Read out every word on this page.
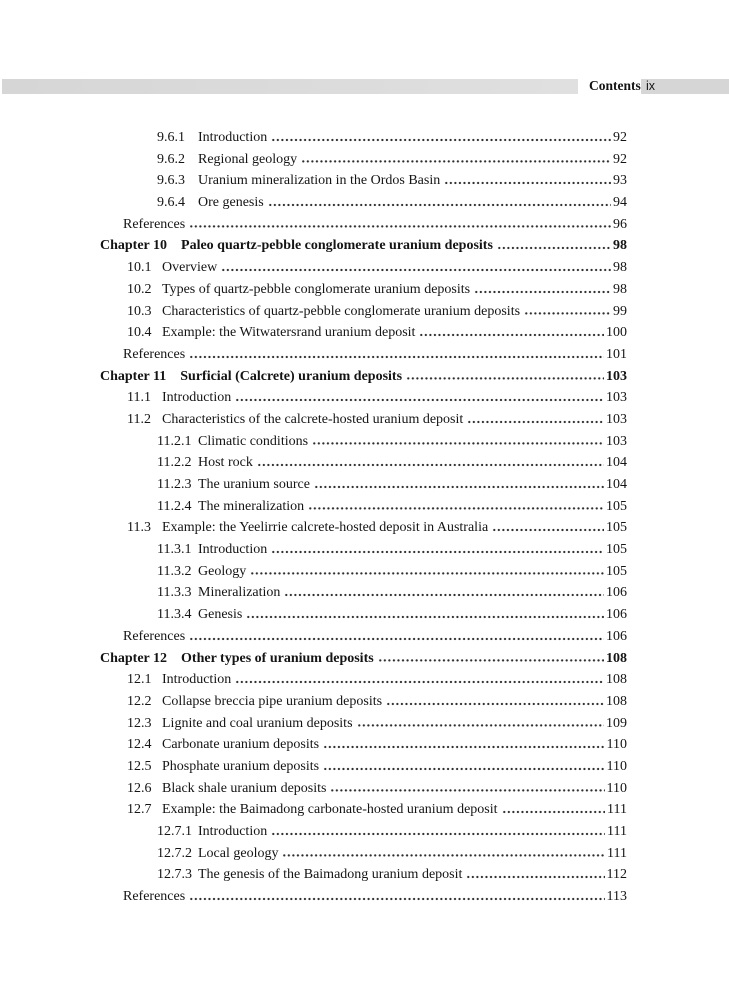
Contents ix
9.6.1 Introduction	92
9.6.2 Regional geology	92
9.6.3 Uranium mineralization in the Ordos Basin	93
9.6.4 Ore genesis	94
References	96
Chapter 10 Paleo quartz-pebble conglomerate uranium deposits	98
10.1 Overview	98
10.2 Types of quartz-pebble conglomerate uranium deposits	98
10.3 Characteristics of quartz-pebble conglomerate uranium deposits	99
10.4 Example: the Witwatersrand uranium deposit	100
References	101
Chapter 11 Surficial (Calcrete) uranium deposits	103
11.1 Introduction	103
11.2 Characteristics of the calcrete-hosted uranium deposit	103
11.2.1 Climatic conditions	103
11.2.2 Host rock	104
11.2.3 The uranium source	104
11.2.4 The mineralization	105
11.3 Example: the Yeelirrie calcrete-hosted deposit in Australia	105
11.3.1 Introduction	105
11.3.2 Geology	105
11.3.3 Mineralization	106
11.3.4 Genesis	106
References	106
Chapter 12 Other types of uranium deposits	108
12.1 Introduction	108
12.2 Collapse breccia pipe uranium deposits	108
12.3 Lignite and coal uranium deposits	109
12.4 Carbonate uranium deposits	110
12.5 Phosphate uranium deposits	110
12.6 Black shale uranium deposits	110
12.7 Example: the Baimadong carbonate-hosted uranium deposit	111
12.7.1 Introduction	111
12.7.2 Local geology	111
12.7.3 The genesis of the Baimadong uranium deposit	112
References	113
